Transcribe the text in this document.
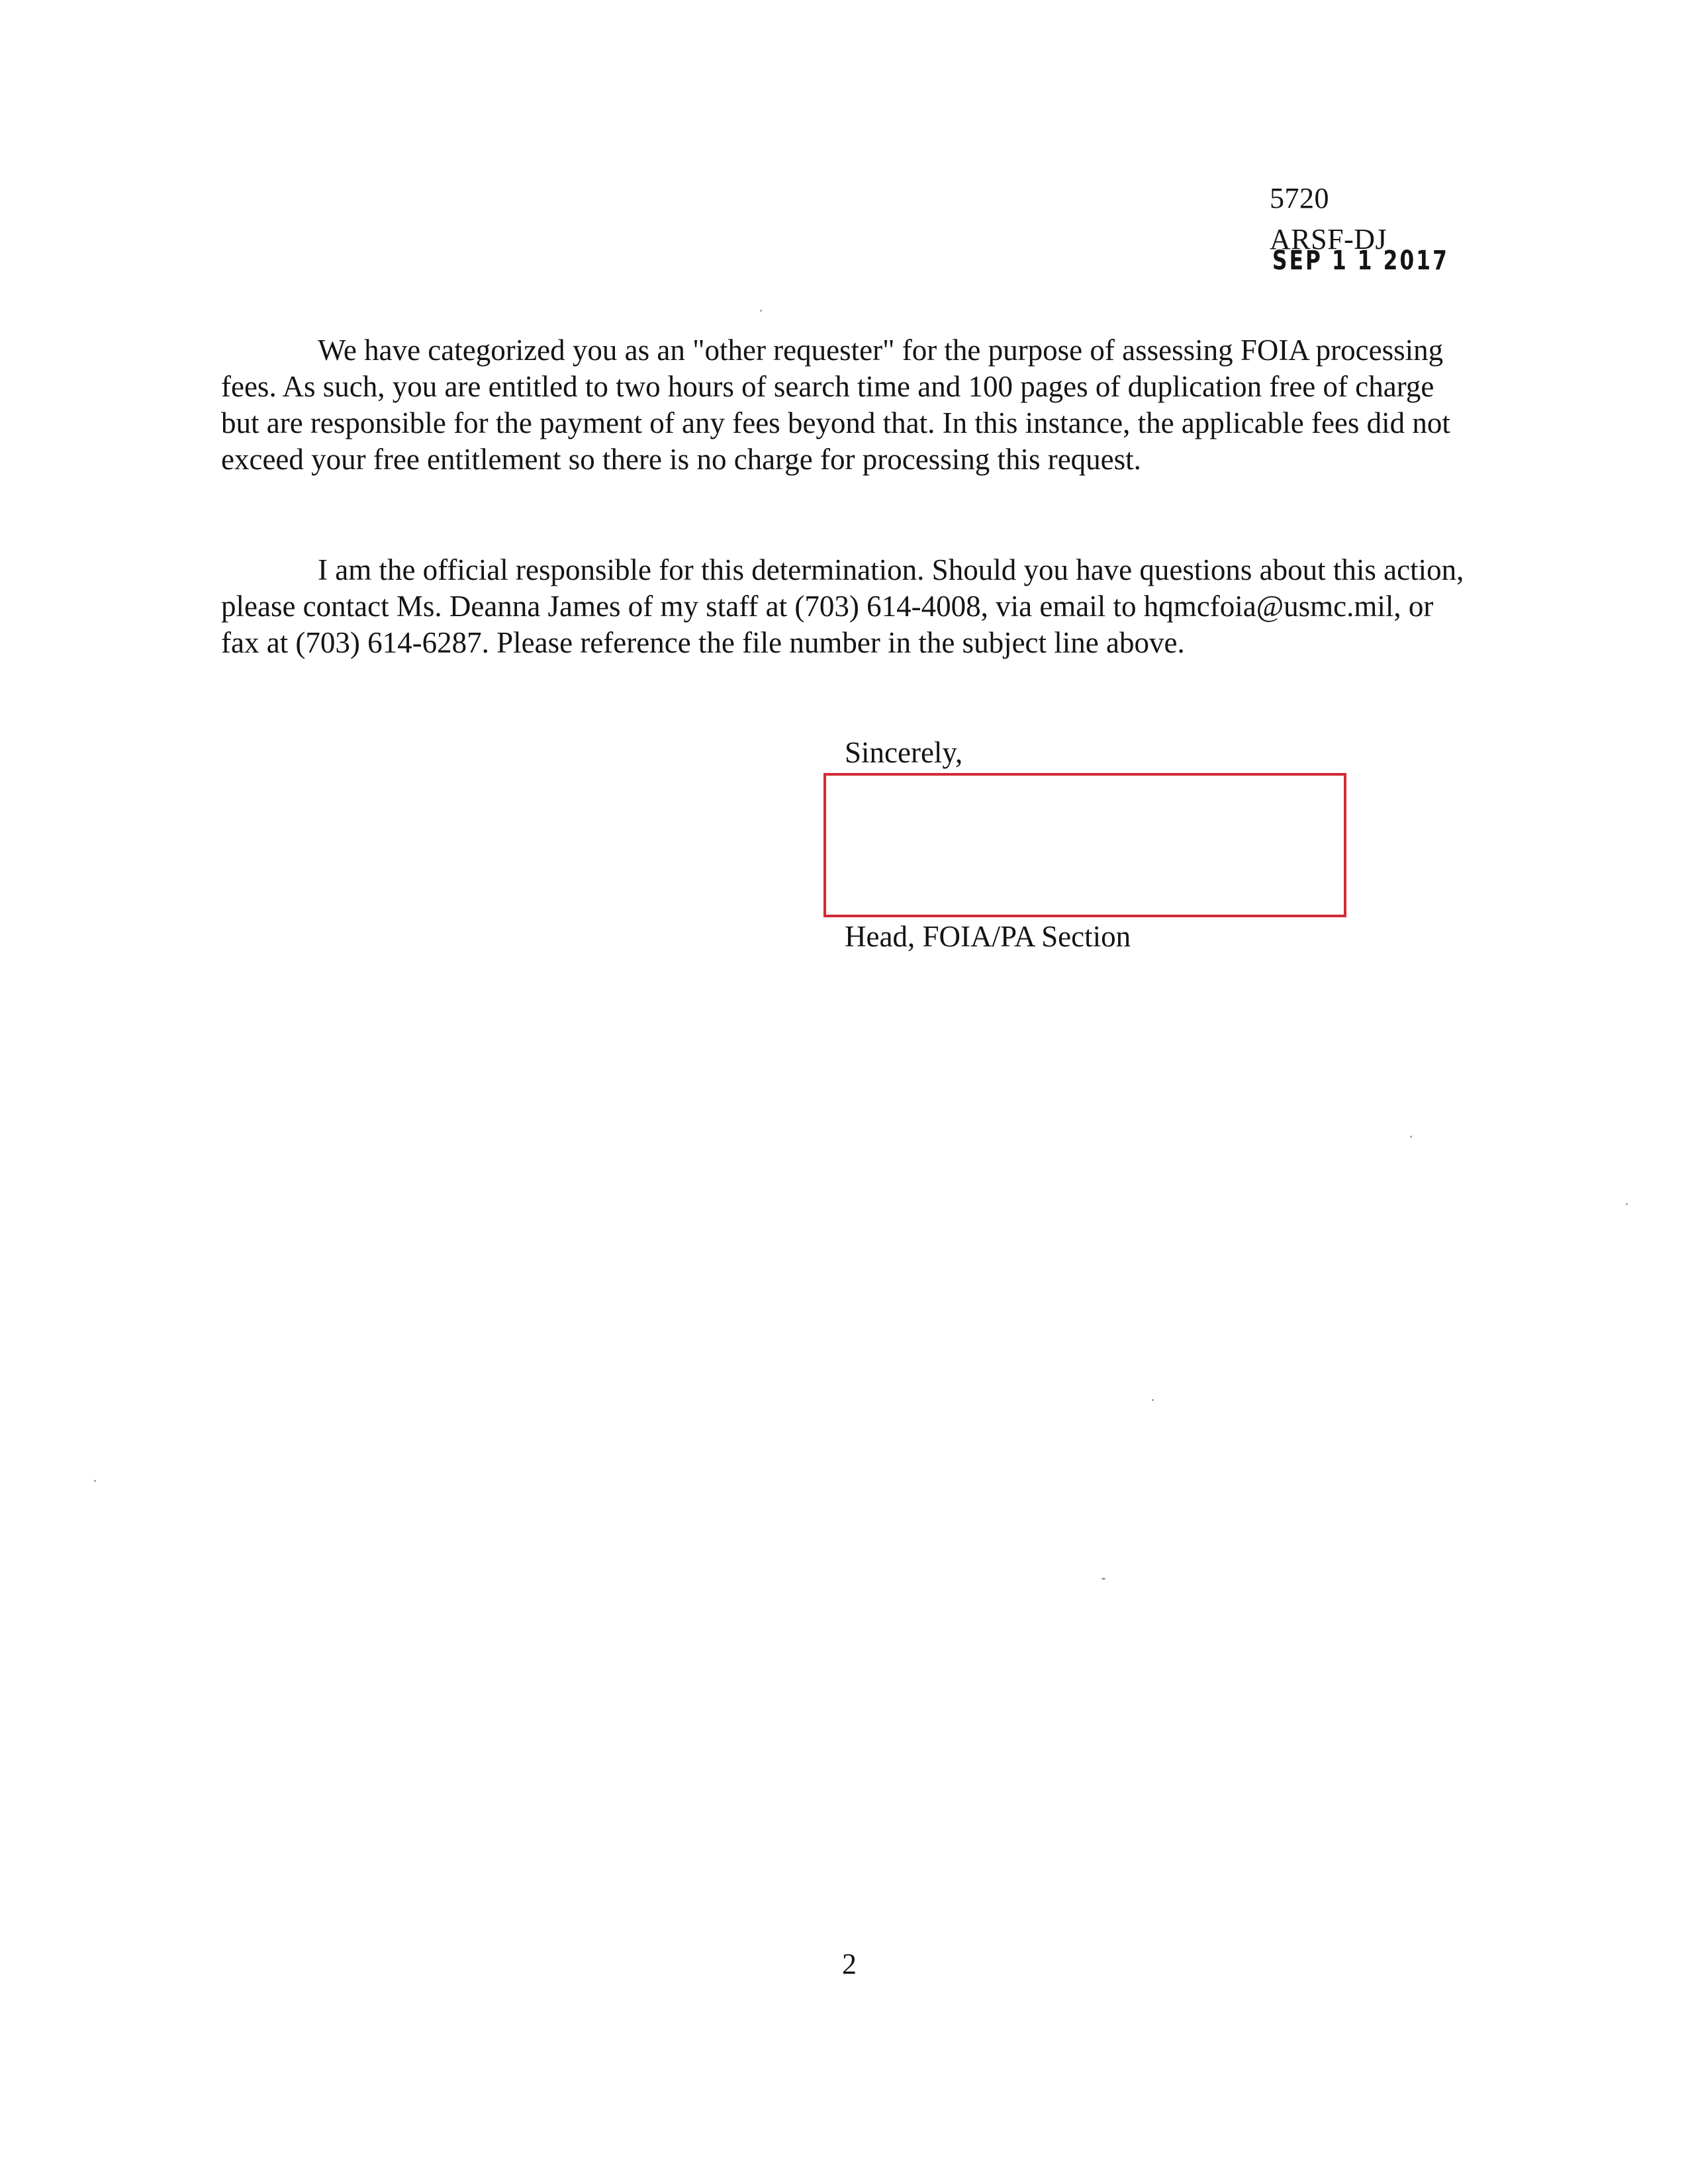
5720
ARSF-DJ
SEP 1 1 2017

We have categorized you as an "other requester" for the purpose of assessing FOIA processing fees. As such, you are entitled to two hours of search time and 100 pages of duplication free of charge but are responsible for the payment of any fees beyond that. In this instance, the applicable fees did not exceed your free entitlement so there is no charge for processing this request.

I am the official responsible for this determination. Should you have questions about this action, please contact Ms. Deanna James of my staff at (703) 614-4008, via email to hqmcfoia@usmc.mil, or fax at (703) 614-6287. Please reference the file number in the subject line above.

Sincerely,
Head, FOIA/PA Section
2
